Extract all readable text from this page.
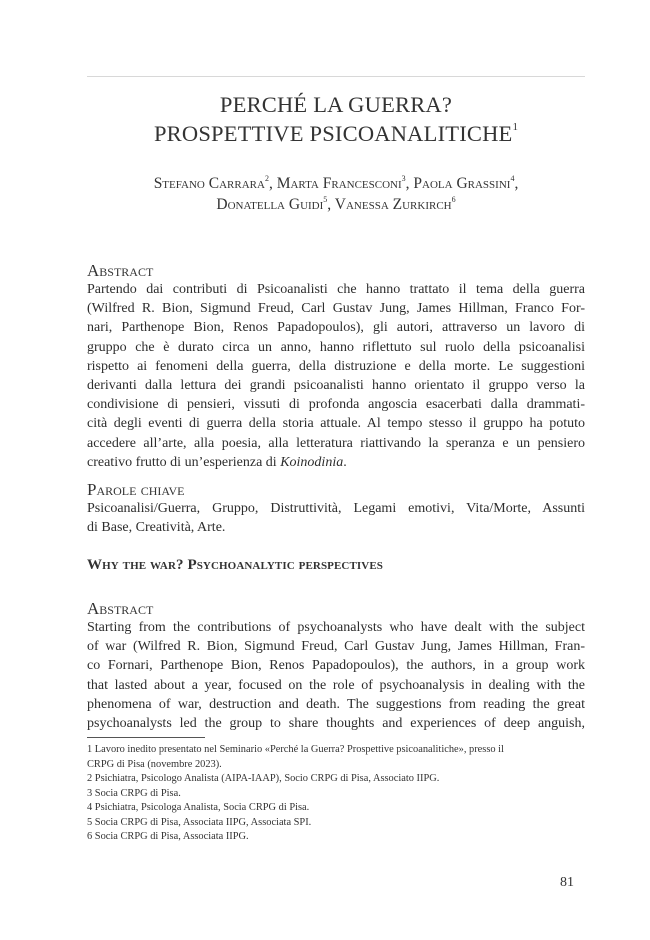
PERCHÉ LA GUERRA?
PROSPETTIVE PSICOANALITICHE$^1$
Stefano Carrara$^2$, Marta Francesconi$^3$, Paola Grassini$^4$,
Donatella Guidi$^5$, Vanessa Zurkirch$^6$
Abstract
Partendo dai contributi di Psicoanalisti che hanno trattato il tema della guerra
(Wilfred R. Bion, Sigmund Freud, Carl Gustav Jung, James Hillman, Franco For-
nari, Parthenope Bion, Renos Papadopoulos), gli autori, attraverso un lavoro di
gruppo che è durato circa un anno, hanno riflettuto sul ruolo della psicoanalisi
rispetto ai fenomeni della guerra, della distruzione e della morte. Le suggestioni
derivanti dalla lettura dei grandi psicoanalisti hanno orientato il gruppo verso la
condivisione di pensieri, vissuti di profonda angoscia esacerbati dalla drammati-
cità degli eventi di guerra della storia attuale. Al tempo stesso il gruppo ha potuto
accedere all’arte, alla poesia, alla letteratura riattivando la speranza e un pensiero
creativo frutto di un’esperienza di Koinodinia.
Parole chiave
Psicoanalisi/Guerra, Gruppo, Distruttività, Legami emotivi, Vita/Morte, Assunti
di Base, Creatività, Arte.
Why the war? Psychoanalytic perspectives
Abstract
Starting from the contributions of psychoanalysts who have dealt with the subject
of war (Wilfred R. Bion, Sigmund Freud, Carl Gustav Jung, James Hillman, Fran-
co Fornari, Parthenope Bion, Renos Papadopoulos), the authors, in a group work
that lasted about a year, focused on the role of psychoanalysis in dealing with the
phenomena of war, destruction and death. The suggestions from reading the great
psychoanalysts led the group to share thoughts and experiences of deep anguish,
1 Lavoro inedito presentato nel Seminario «Perché la Guerra? Prospettive psicoanalitiche», presso il
CRPG di Pisa (novembre 2023).
2 Psichiatra, Psicologo Analista (AIPA-IAAP), Socio CRPG di Pisa, Associato IIPG.
3 Socia CRPG di Pisa.
4 Psichiatra, Psicologa Analista, Socia CRPG di Pisa.
5 Socia CRPG di Pisa, Associata IIPG, Associata SPI.
6 Socia CRPG di Pisa, Associata IIPG.
81
